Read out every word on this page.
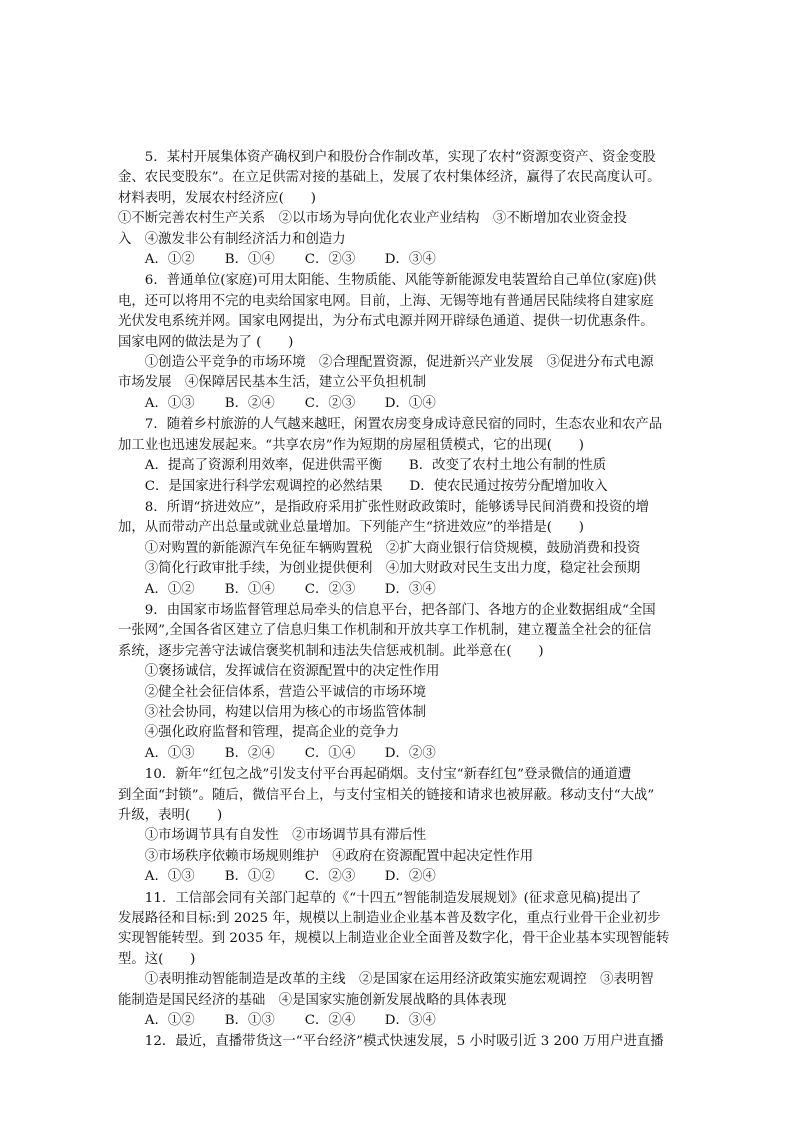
5．某村开展集体资产确权到户和股份合作制改革，实现了农村“资源变资产、资金变股
金、农民变股东”。在立足供需对接的基础上，发展了农村集体经济，赢得了农民高度认可。
材料表明，发展农村经济应(　　)
①不断完善农村生产关系　②以市场为导向优化农业产业结构　③不断增加农业资金投
入　④激发非公有制经济活力和创造力
A．①② B．①④ C．②③ D．③④
6．普通单位(家庭)可用太阳能、生物质能、风能等新能源发电装置给自己单位(家庭)供
电，还可以将用不完的电卖给国家电网。目前，上海、无锡等地有普通居民陆续将自建家庭
光伏发电系统并网。国家电网提出，为分布式电源并网开辟绿色通道、提供一切优惠条件。
国家电网的做法是为了 (　　)
①创造公平竞争的市场环境　②合理配置资源，促进新兴产业发展　③促进分布式电源
市场发展　④保障居民基本生活，建立公平负担机制
A．①③ B．②④ C．②③ D．①④
7．随着乡村旅游的人气越来越旺，闲置农房变身成诗意民宿的同时，生态农业和农产品
加工业也迅速发展起来。“共享农房”作为短期的房屋租赁模式，它的出现(　　)
A．提高了资源利用效率，促进供需平衡　　B．改变了农村土地公有制的性质
C．是国家进行科学宏观调控的必然结果　　D．使农民通过按劳分配增加收入
8．所谓“挤进效应”，是指政府采用扩张性财政政策时，能够诱导民间消费和投资的增
加，从而带动产出总量或就业总量增加。下列能产生“挤进效应”的举措是(　　)
①对购置的新能源汽车免征车辆购置税　②扩大商业银行信贷规模，鼓励消费和投资
③简化行政审批手续，为创业提供便利　④加大财政对民生支出力度，稳定社会预期
A．①② B．①④ C．②③ D．③④
9．由国家市场监督管理总局牵头的信息平台，把各部门、各地方的企业数据组成“全国
一张网”,全国各省区建立了信息归集工作机制和开放共享工作机制，建立覆盖全社会的征信
系统，逐步完善守法诚信褒奖机制和违法失信惩戒机制。此举意在(　　)
①褒扬诚信，发挥诚信在资源配置中的决定性作用
②健全社会征信体系，营造公平诚信的市场环境
③社会协同，构建以信用为核心的市场监管体制
④强化政府监督和管理，提高企业的竞争力
A．①③ B．②④ C．①④ D．②③
10．新年“红包之战”引发支付平台再起硝烟。支付宝“新春红包”登录微信的通道遭
到全面“封锁”。随后，微信平台上，与支付宝相关的链接和请求也被屏蔽。移动支付“大战”
升级，表明(　　)
①市场调节具有自发性　②市场调节具有滞后性
③市场秩序依赖市场规则维护　④政府在资源配置中起决定性作用
A．①③ B．①② C．②③ D．②④
11．工信部会同有关部门起草的《“十四五”智能制造发展规划》(征求意见稿)提出了
发展路径和目标:到 2025 年，规模以上制造业企业基本普及数字化，重点行业骨干企业初步
实现智能转型。到 2035 年，规模以上制造业企业全面普及数字化，骨干企业基本实现智能转
型。这(　　)
①表明推动智能制造是改革的主线　②是国家在运用经济政策实施宏观调控　③表明智
能制造是国民经济的基础　④是国家实施创新发展战略的具体表现
A．①② B．①③ C．②④ D．③④
12．最近，直播带货这一“平台经济”模式快速发展，5 小时吸引近 3 200 万用户进直播
